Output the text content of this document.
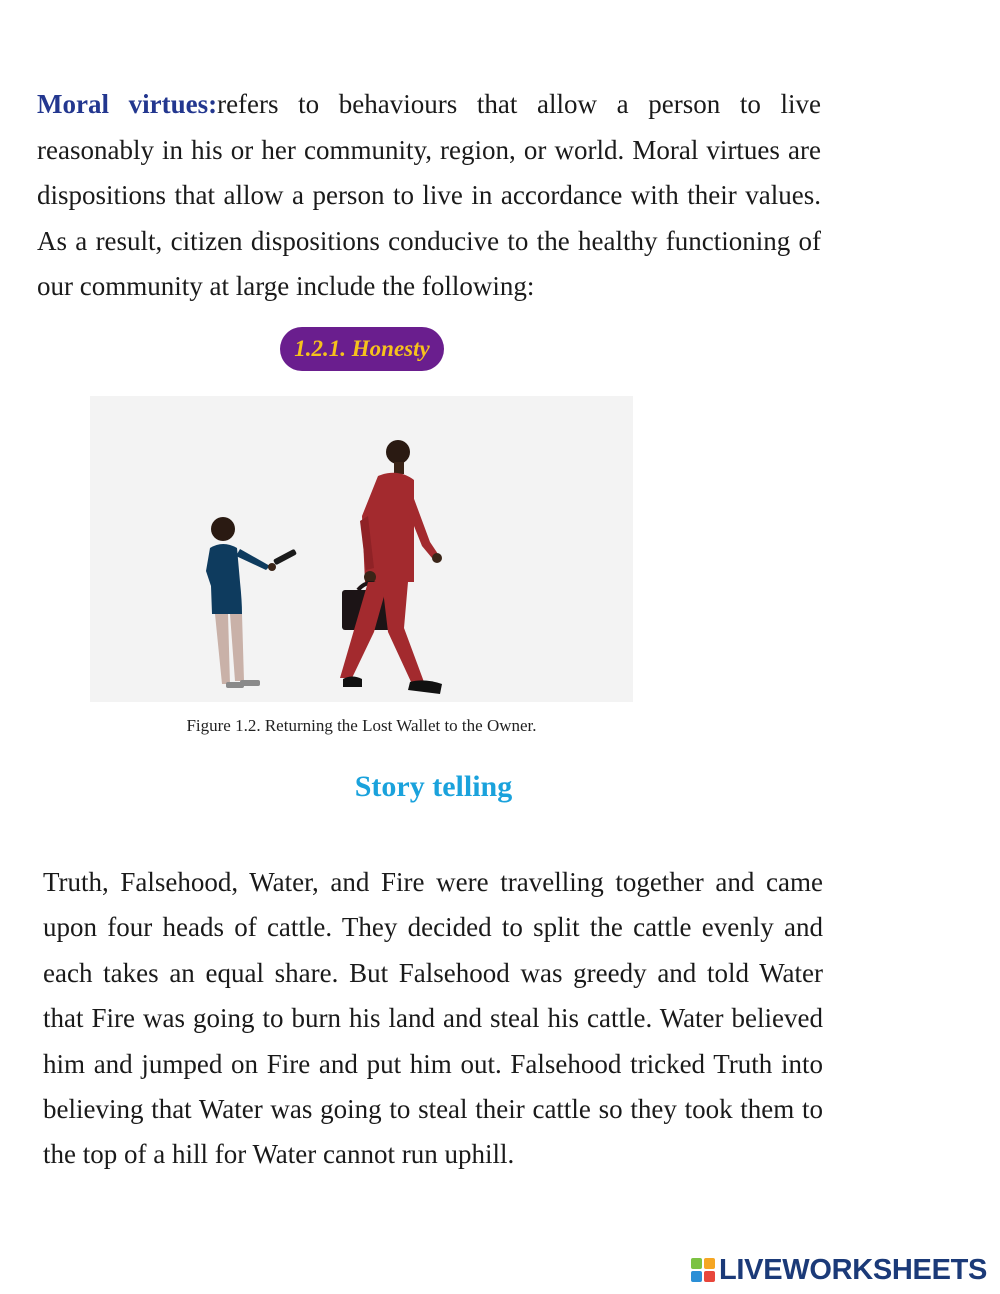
Moral virtues:refers to behaviours that allow a person to live reasonably in his or her community, region, or world. Moral virtues are dispositions that allow a person to live in accordance with their values. As a result, citizen dispositions conducive to the healthy functioning of our community at large include the following:

1.2.1. Honesty
Figure 1.2. Returning the Lost Wallet to the Owner.
Story telling

Truth, Falsehood, Water, and Fire were travelling together and came upon four heads of cattle. They decided to split the cattle evenly and each takes an equal share. But Falsehood was greedy and told Water that Fire was going to burn his land and steal his cattle. Water believed him and jumped on Fire and put him out. Falsehood tricked Truth into believing that Water was going to steal their cattle so they took them to the top of a hill for Water cannot run uphill.

LIVEWORKSHEETS
